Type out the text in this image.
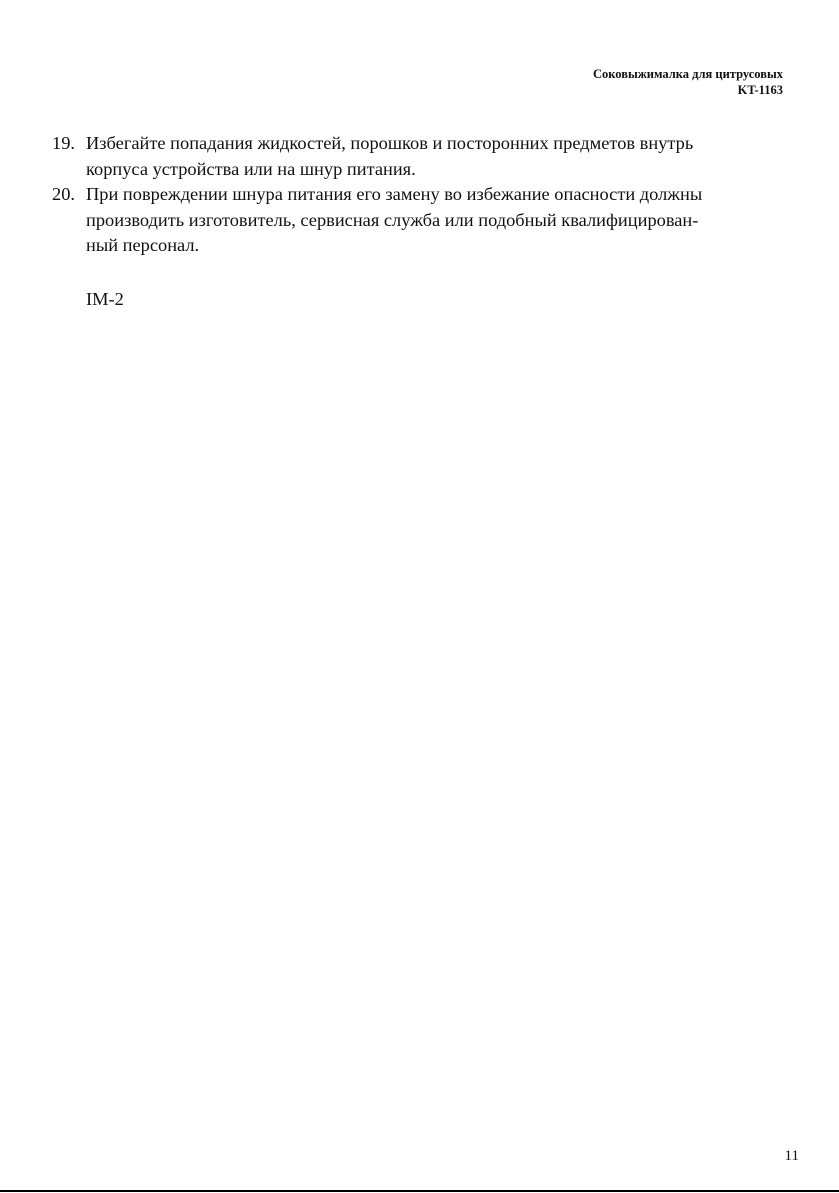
Соковыжималка для цитрусовых
KT-1163
19. Избегайте попадания жидкостей, порошков и посторонних предметов внутрь
корпуса устройства или на шнур питания.
20. При повреждении шнура питания его замену во избежание опасности должны
производить изготовитель, сервисная служба или подобный квалифицирован-
ный персонал.
IM-2
11
